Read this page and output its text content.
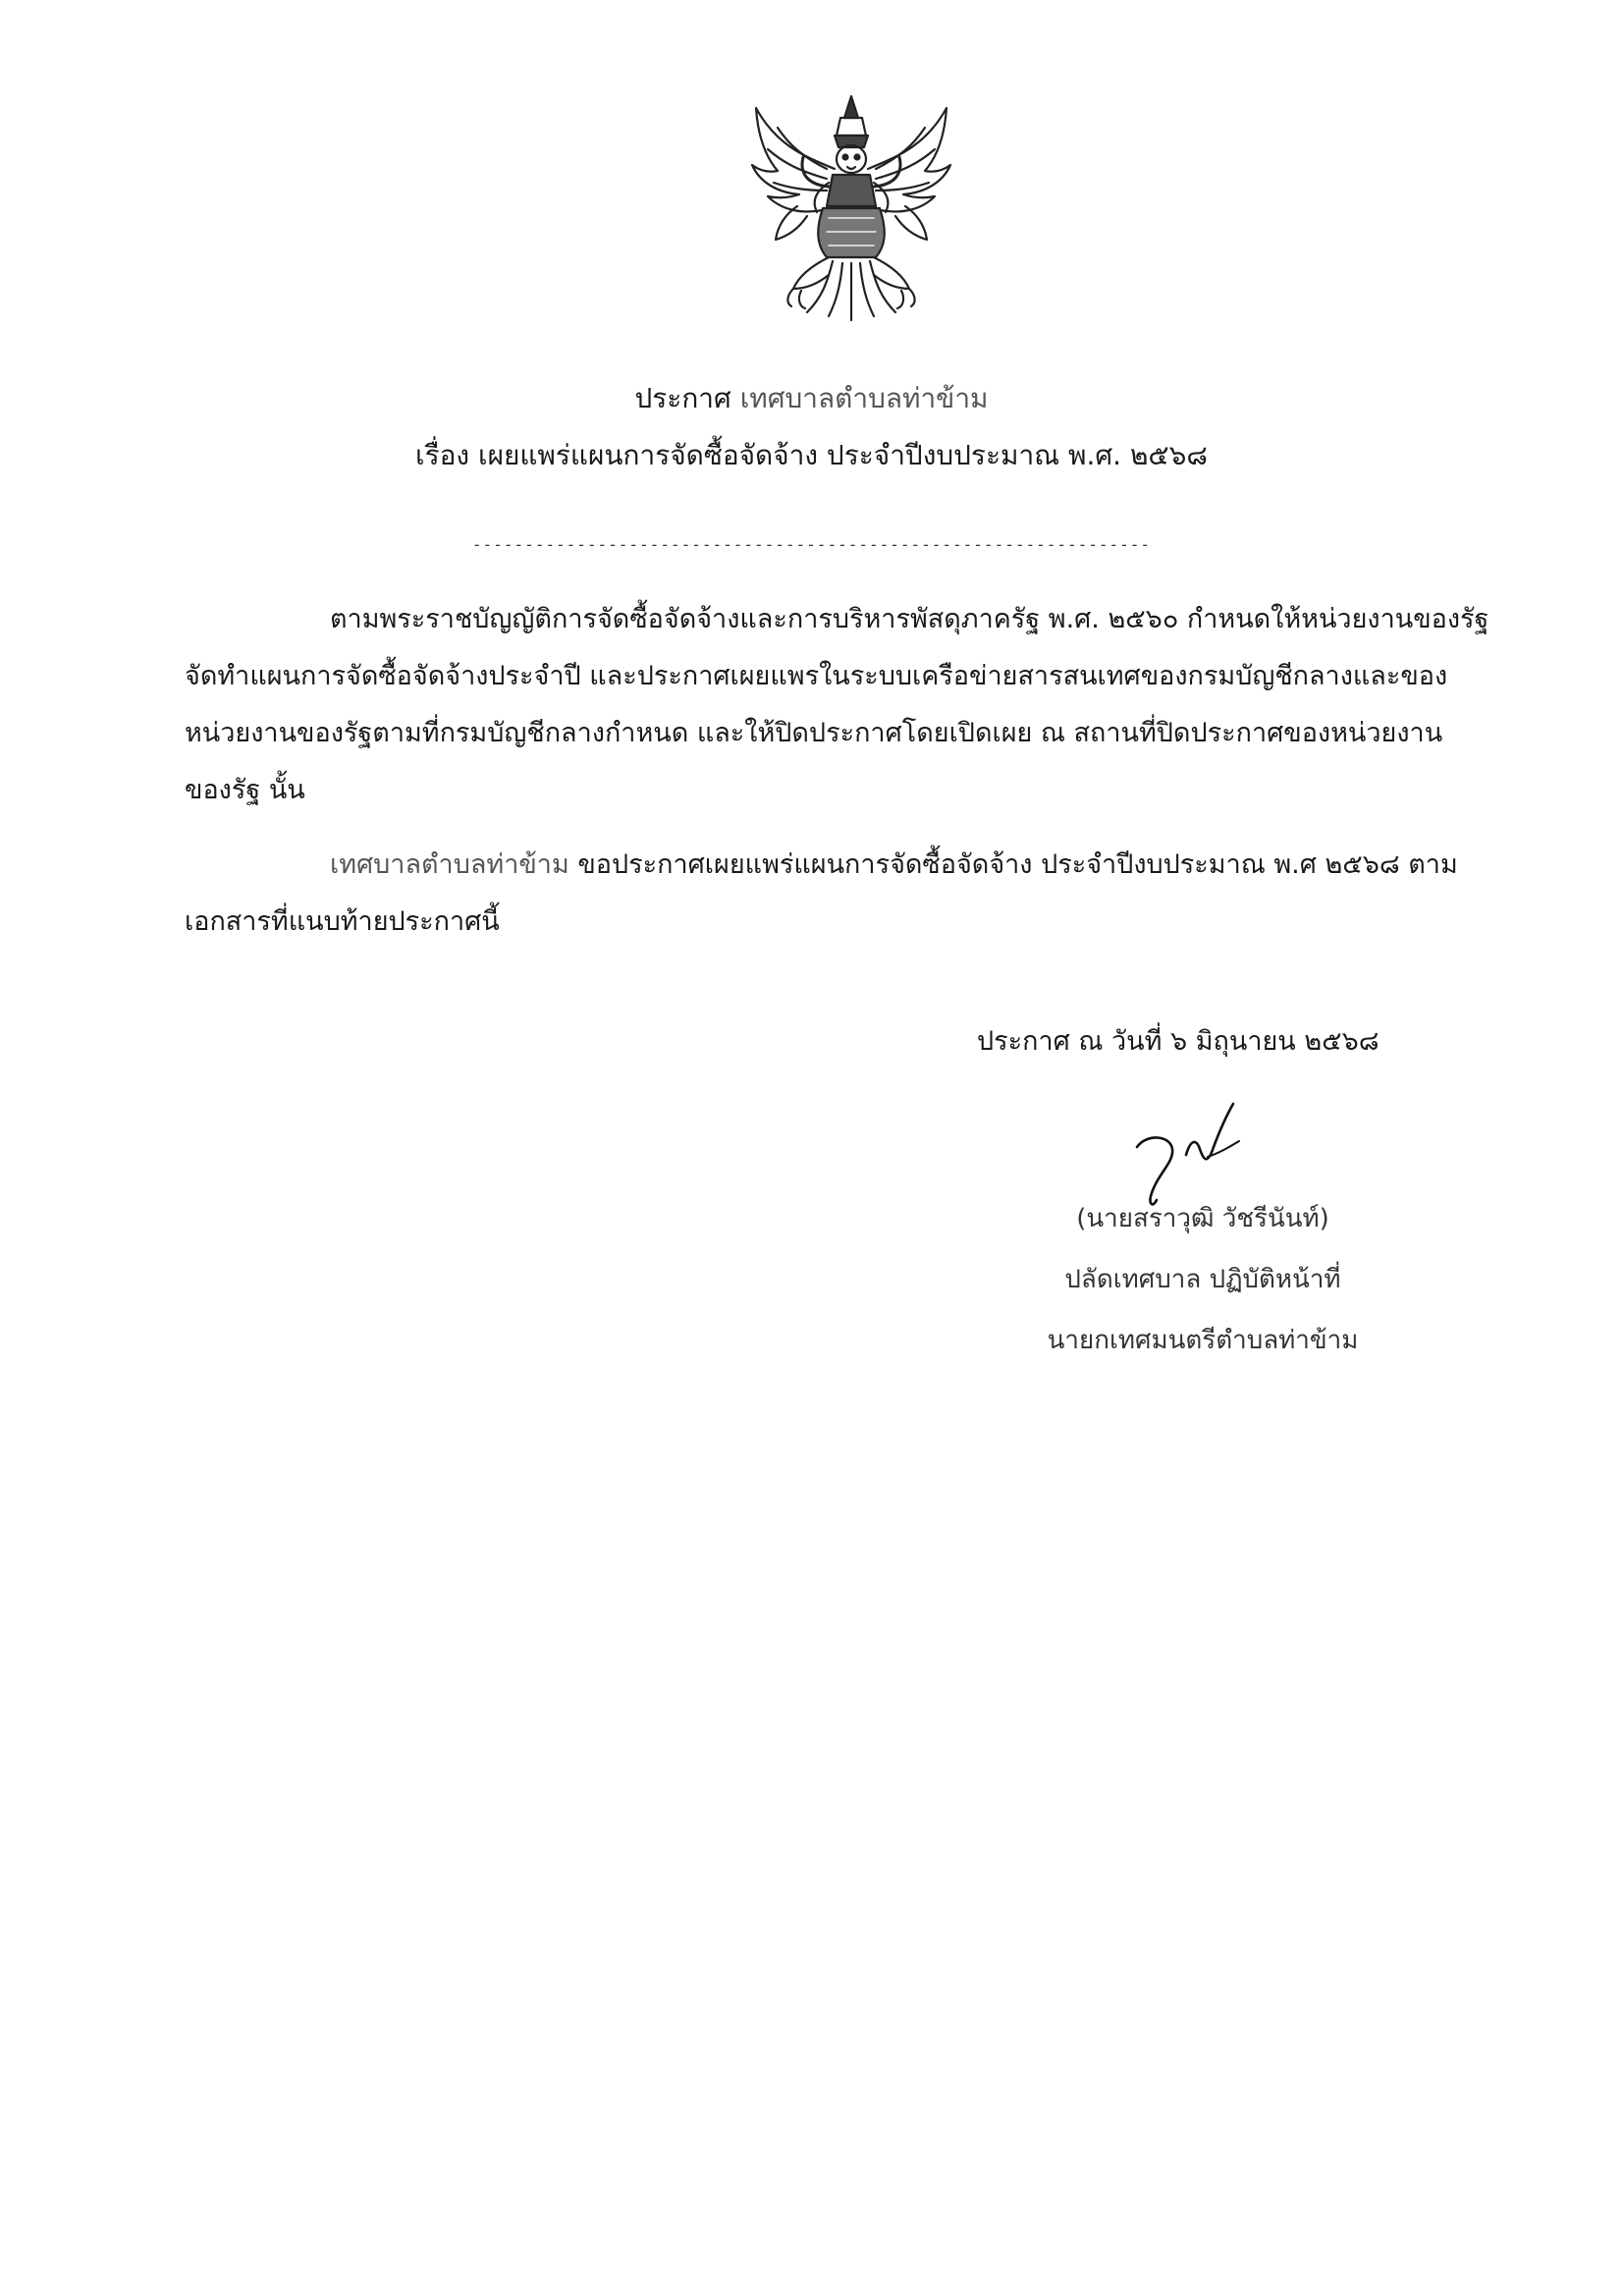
ประกาศ เทศบาลตำบลท่าข้าม
เรื่อง เผยแพร่แผนการจัดซื้อจัดจ้าง ประจำปีงบประมาณ พ.ศ. ๒๕๖๘
-----------------------------------------------------------------
ตามพระราชบัญญัติการจัดซื้อจัดจ้างและการบริหารพัสดุภาครัฐ พ.ศ. ๒๕๖๐ กำหนดให้หน่วยงานของรัฐ
จัดทำแผนการจัดซื้อจัดจ้างประจำปี และประกาศเผยแพรในระบบเครือข่ายสารสนเทศของกรมบัญชีกลางและของ
หน่วยงานของรัฐตามที่กรมบัญชีกลางกำหนด และให้ปิดประกาศโดยเปิดเผย ณ สถานที่ปิดประกาศของหน่วยงาน
ของรัฐ นั้น
เทศบาลตำบลท่าข้าม ขอประกาศเผยแพร่แผนการจัดซื้อจัดจ้าง ประจำปีงบประมาณ พ.ศ ๒๕๖๘ ตาม
เอกสารที่แนบท้ายประกาศนี้
ประกาศ ณ วันที่ ๖ มิถุนายน ๒๕๖๘
(นายสราวุฒิ วัชรีนันท์)
ปลัดเทศบาล ปฏิบัติหน้าที่
นายกเทศมนตรีตำบลท่าข้าม
